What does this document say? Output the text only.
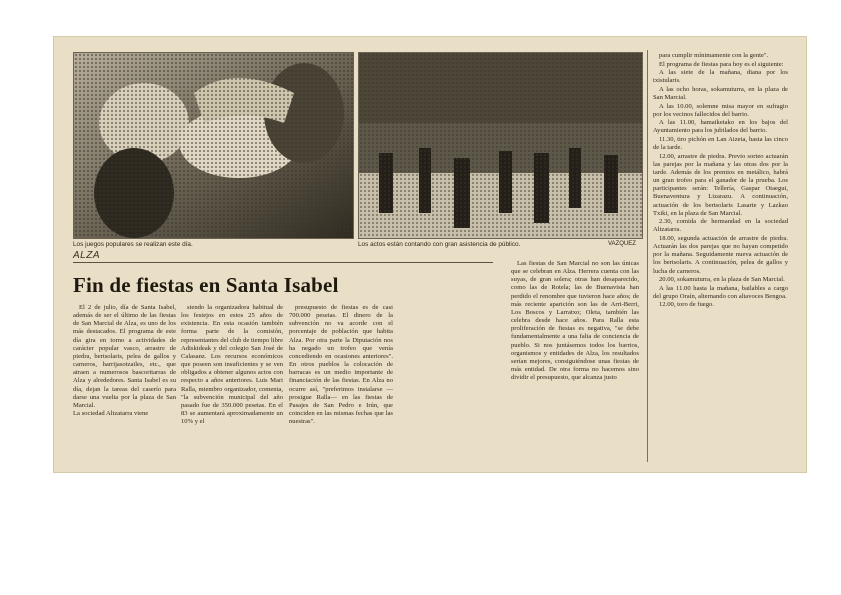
Los juegos populares se realizan este día.	Los actos están contando con gran asistencia de público.	VAZQUEZ
ALZA
Fin de fiestas en Santa Isabel

El 2 de julio, día de Santa Isabel, además de ser el último de las fiestas de San Marcial de Alza, es uno de los más destacados. El programa de este día gira en torno a actividades de carácter popular vasco, arrastre de piedra, bertsolaris, pelea de gallos y carneros, harrijasotzailes, etc., que atraen a numerosos bascoritarras de Alza y alrededores. Santa Isabel es su día, dejan la tareas del caserío para darse una vuelta por la plaza de San Marcial.
La sociedad Altzatarra viene

siendo la organizadora habitual de los festejos en estos 25 años de existencia. En esta ocasión también forma parte de la comisión, representantes del club de tiempo libre Adiskideak y del colegio San José de Calasanz. Los recursos económicos que poseen son insuficientes y se ven obligados a obtener algunos actos con respecto a años anteriores. Luis Mari Ralla, miembro organizador, comenta, "la subvención municipal del año pasado fue de 350.000 pesetas. En el 83 se aumentará aproximadamente un 10% y el

presupuesto de fiestas es de casi 700.000 pesetas. El dinero de la subvención no va acorde con el porcentaje de población que habita Alza. Por otra parte la Diputación nos ha negado un trofeo que venía concediendo en ocasiones anteriores". En otros pueblos la colocación de barracas es un medio importante de financiación de las fiestas. En Alza no ocurre así, "preferimos instalarse —prosigue Ralla— en las fiestas de Pasajes de San Pedro e Irún, que coinciden en las mismas fechas que las nuestras".

Las fiestas de San Marcial no son las únicas que se celebran en Alza. Herrera cuenta con las suyas, de gran solera; otras han desaparecido, como las de Rotela; las de Buenavista han perdido el renombre que tuvieron hace años; de más reciente aparición son las de Arri-Berri, Los Boscos y Larratxo; Oleta, también las celebra desde hace años. Para Ralla esta proliferación de fiestas es negativa, "se debe fundamentalmente a una falta de conciencia de pueblo. Si nos juntásemos todos los barrios, organismos y entidades de Alza, los resultados serían mejores, consiguiéndose unas fiestas de más entidad. De otra forma no hacemos sino dividir el presupuesto, que alcanza justo

para cumplir mínimamente con la gente".

El programa de fiestas para hoy es el siguiente:

A las siete de la mañana, diana por los txistularis.

A las ocho horas, sokamuturra, en la plaza de San Marcial.

A las 10.00, solemne misa mayor en sufragio por los vecinos fallecidos del barrio.

A las 11.00, hamaiketako en los bajos del Ayuntamiento para los jubilados del barrio.

11.30, tiro pichón en Lan Aizeta, hasta las cinco de la tarde.

12.00, arrastre de piedra. Previo sorteo actuarán las parejas por la mañana y las otras dos por la tarde. Además de los premios en metálico, habrá un gran trofeo para el ganador de la prueba. Los participantes serán: Tellería, Gaspar Otaegui, Buenaventura y Lizarazu. A continuación, actuación de los bertsolaris Lasarte y Lazkao Txiki, en la plaza de San Marcial.

2.30, comida de hermandad en la sociedad Altzatarra.

18.00, segunda actuación de arrastre de piedra. Actuarán las dos parejas que no hayan competido por la mañana. Seguidamente nueva actuación de los bertsolaris. A continuación, pelea de gallos y lucha de carneros.

20.00, sokamuturra, en la plaza de San Marcial.

A las 11.00 hasta la mañana, bailables a cargo del grupo Oraín, alternando con altavoces Bengoa.

12.00, toro de fuego.
